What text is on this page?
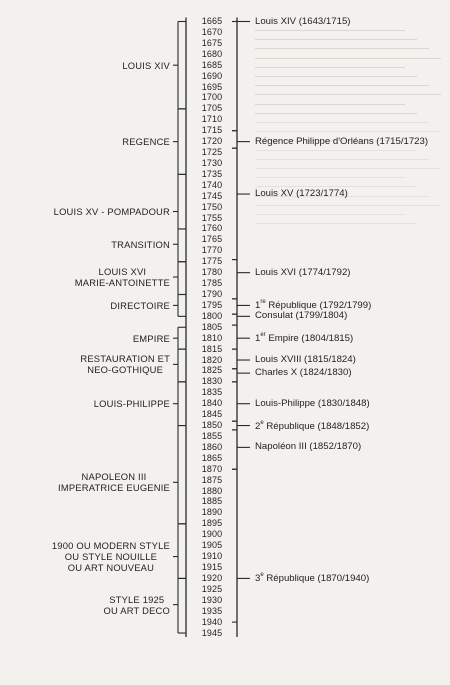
1665
1670
1675
1680
1685
1690
1695
1700
1705
1710
1715
1720
1725
1730
1735
1740
1745
1750
1755
1760
1765
1770
1775
1780
1785
1790
1795
1800
1805
1810
1815
1820
1825
1830
1835
1840
1845
1850
1855
1860
1865
1870
1875
1880
1885
1890
1895
1900
1905
1910
1915
1920
1925
1930
1935
1940
1945
LOUIS XIV
REGENCE
LOUIS XV - POMPADOUR
TRANSITION
LOUIS XVI
MARIE-ANTOINETTE
DIRECTOIRE
EMPIRE
RESTAURATION ET
NEO-GOTHIQUE
LOUIS-PHILIPPE
NAPOLEON III
IMPERATRICE EUGENIE
1900 OU MODERN STYLE
OU STYLE NOUILLE
OU ART NOUVEAU
STYLE 1925
OU ART DECO
Louis XIV (1643/1715)
Régence Philippe d'Orléans (1715/1723)
Louis XV (1723/1774)
Louis XVI (1774/1792)
1re République (1792/1799)
Consulat (1799/1804)
1er Empire (1804/1815)
Louis XVIII (1815/1824)
Charles X (1824/1830)
Louis-Philippe (1830/1848)
2e République (1848/1852)
Napoléon III (1852/1870)
3e République (1870/1940)
